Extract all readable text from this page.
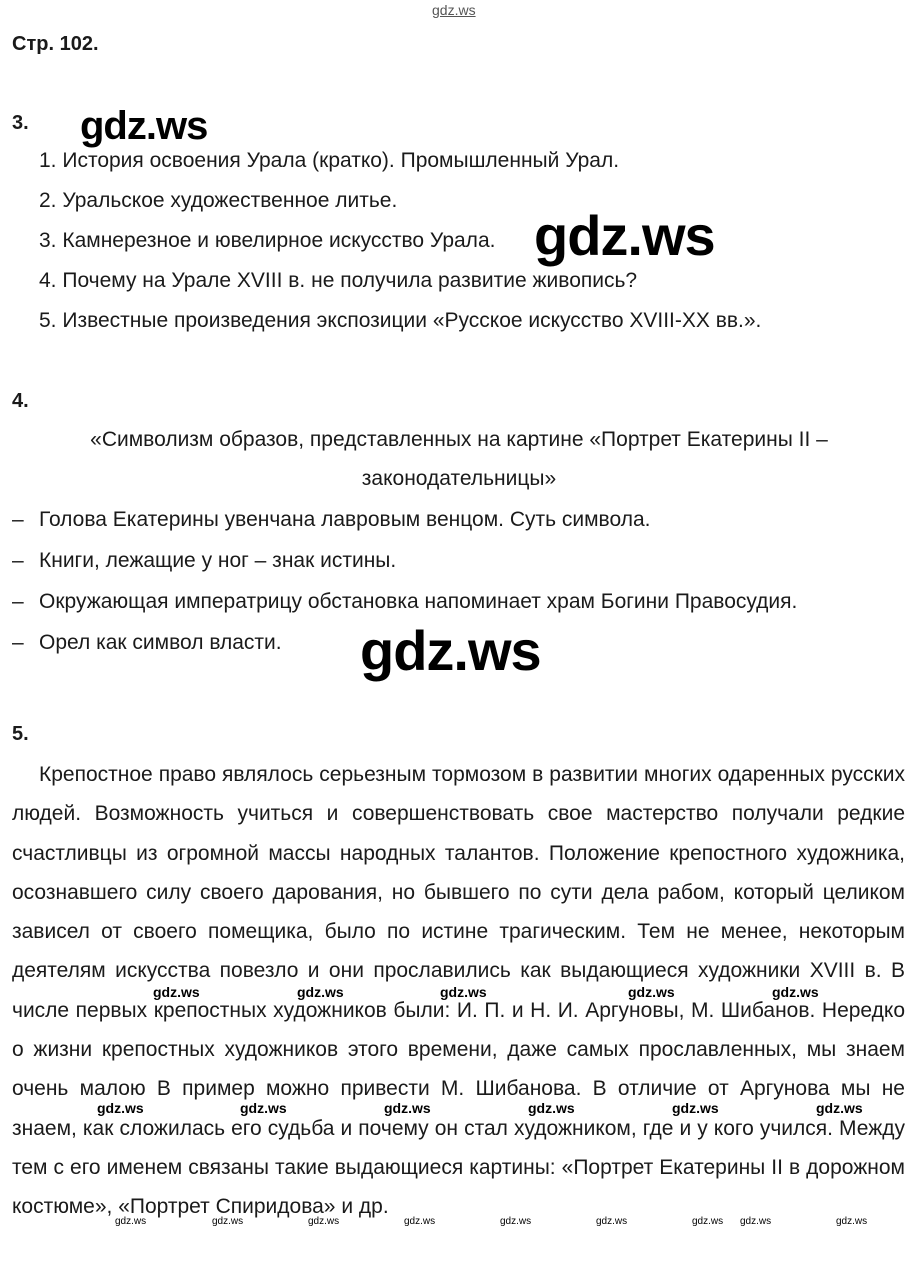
gdz.ws
Стр. 102.
3. gdz.ws
1. История освоения Урала (кратко). Промышленный Урал.
2. Уральское художественное литье.
3. Камнерезное и ювелирное искусство Урала. gdz.ws
4. Почему на Урале XVIII в. не получила развитие живопись?
5. Известные произведения экспозиции «Русское искусство XVIII-XX вв.».
4.
«Символизм образов, представленных на картине «Портрет Екатерины II –
законодательницы»
– Голова Екатерины увенчана лавровым венцом. Суть символа.
– Книги, лежащие у ног – знак истины.
– Окружающая императрицу обстановка напоминает храм Богини Правосудия.
– Орел как символ власти. gdz.ws
5.
Крепостное право являлось серьезным тормозом в развитии многих одаренных русских людей. Возможность учиться и совершенствовать свое мастерство получали редкие счастливцы из огромной массы народных талантов. Положение крепостного художника, осознавшего силу своего дарования, но бывшего по сути дела рабом, который целиком зависел от своего помещика, было по истине трагическим. Тем не менее, некоторым деятелям искусства повезло и они прославились как выдающиеся художники XVIII в. В числе первых крепостных художников были: И. П. и Н. И. Аргуновы, М. Шибанов. Нередко о жизни крепостных художников этого времени, даже самых прославленных, мы знаем очень малою В пример можно привести М. Шибанова. В отличие от Аргунова мы не знаем, как сложилась его судьба и почему он стал художником, где и у кого учился. Между тем с его именем связаны такие выдающиеся картины: «Портрет Екатерины II в дорожном костюме», «Портрет Спиридова» и др.
gdz.ws	gdz.ws	gdz.ws	gdz.ws	gdz.ws
gdz.ws	gdz.ws	gdz.ws	gdz.ws	gdz.ws	gdz.ws
gdz.ws	gdz.ws	gdz.ws	gdz.ws	gdz.ws	gdz.ws	gdz.ws gdz.ws	gdz.ws
